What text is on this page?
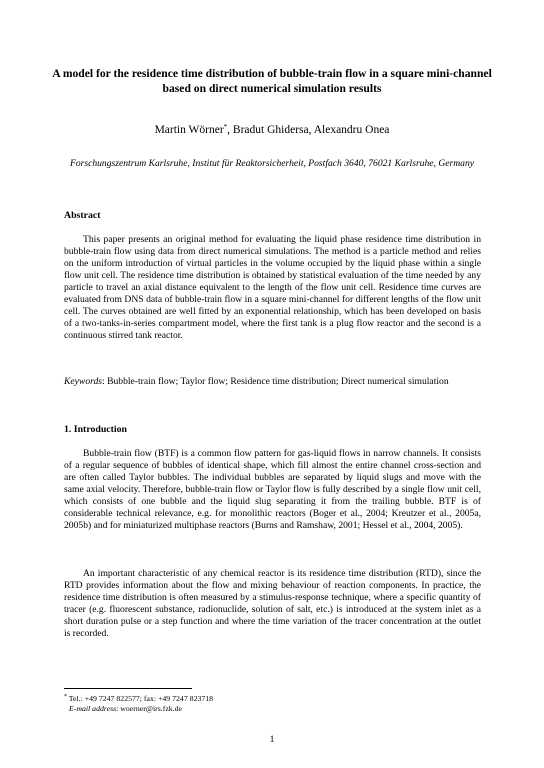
A model for the residence time distribution of bubble-train flow in a square mini-channel based on direct numerical simulation results
Martin Wörner*, Bradut Ghidersa, Alexandru Onea
Forschungszentrum Karlsruhe, Institut für Reaktorsicherheit, Postfach 3640, 76021 Karlsruhe, Germany
Abstract

This paper presents an original method for evaluating the liquid phase residence time distribution in bubble-train flow using data from direct numerical simulations. The method is a particle method and relies on the uniform introduction of virtual particles in the volume occupied by the liquid phase within a single flow unit cell. The residence time distribution is obtained by statistical evaluation of the time needed by any particle to travel an axial distance equivalent to the length of the flow unit cell. Residence time curves are evaluated from DNS data of bubble-train flow in a square mini-channel for different lengths of the flow unit cell. The curves obtained are well fitted by an exponential relationship, which has been developed on basis of a two-tanks-in-series compartment model, where the first tank is a plug flow reactor and the second is a continuous stirred tank reactor.

Keywords: Bubble-train flow; Taylor flow; Residence time distribution; Direct numerical simulation

1. Introduction

Bubble-train flow (BTF) is a common flow pattern for gas-liquid flows in narrow channels. It consists of a regular sequence of bubbles of identical shape, which fill almost the entire channel cross-section and are often called Taylor bubbles. The individual bubbles are separated by liquid slugs and move with the same axial velocity. Therefore, bubble-train flow or Taylor flow is fully described by a single flow unit cell, which consists of one bubble and the liquid slug separating it from the trailing bubble. BTF is of considerable technical relevance, e.g. for monolithic reactors (Boger et al., 2004; Kreutzer et al., 2005a, 2005b) and for miniaturized multiphase reactors (Burns and Ramshaw, 2001; Hessel et al., 2004, 2005).

An important characteristic of any chemical reactor is its residence time distribution (RTD), since the RTD provides information about the flow and mixing behaviour of reaction components. In practice, the residence time distribution is often measured by a stimulus-response technique, where a specific quantity of tracer (e.g. fluorescent substance, radionuclide, solution of salt, etc.) is introduced at the system inlet as a short duration pulse or a step function and where the time variation of the tracer concentration at the outlet is recorded.

* Tel.: +49 7247 822577; fax: +49 7247 823718
E-mail address: woerner@irs.fzk.de
1
